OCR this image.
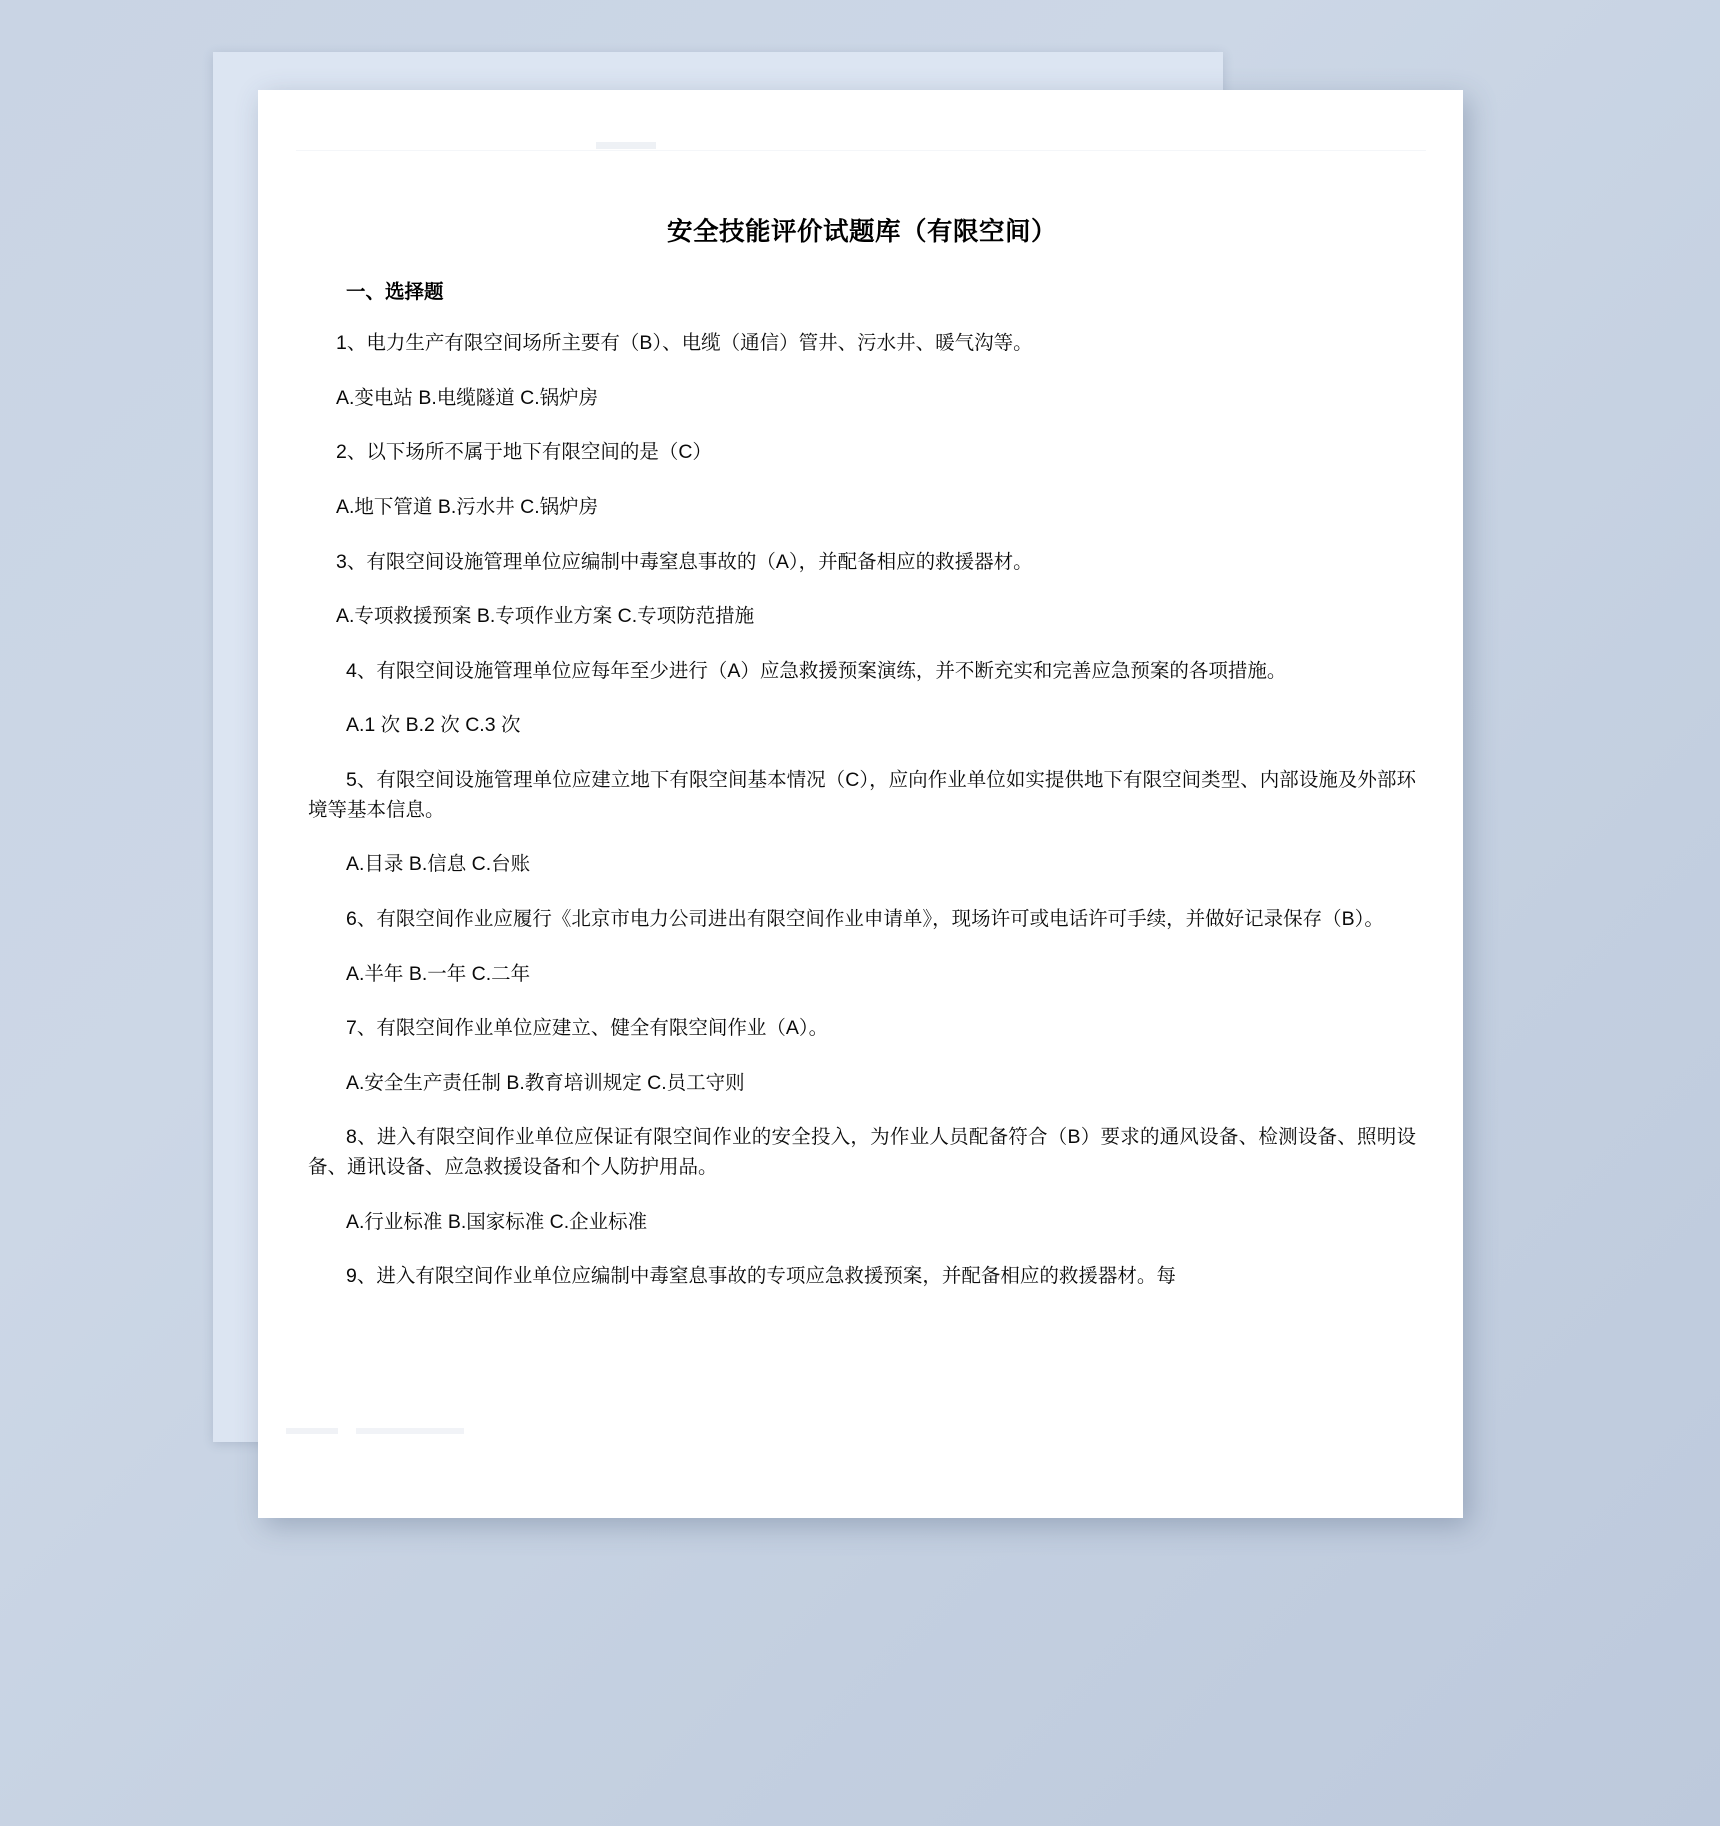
安全技能评价试题库（有限空间）
一、选择题

1、电力生产有限空间场所主要有（B）、电缆（通信）管井、污水井、暖气沟等。

A.变电站 B.电缆隧道 C.锅炉房

2、以下场所不属于地下有限空间的是（C）

A.地下管道 B.污水井 C.锅炉房

3、有限空间设施管理单位应编制中毒窒息事故的（A），并配备相应的救援器材。

A.专项救援预案 B.专项作业方案 C.专项防范措施

4、有限空间设施管理单位应每年至少进行（A）应急救援预案演练，并不断充实和完善应急预案的各项措施。

A.1 次 B.2 次 C.3 次

5、有限空间设施管理单位应建立地下有限空间基本情况（C），应向作业单位如实提供地下有限空间类型、内部设施及外部环境等基本信息。

A.目录 B.信息 C.台账

6、有限空间作业应履行《北京市电力公司进出有限空间作业申请单》，现场许可或电话许可手续，并做好记录保存（B）。

A.半年 B.一年 C.二年

7、有限空间作业单位应建立、健全有限空间作业（A）。

A.安全生产责任制 B.教育培训规定 C.员工守则

8、进入有限空间作业单位应保证有限空间作业的安全投入，为作业人员配备符合（B）要求的通风设备、检测设备、照明设备、通讯设备、应急救援设备和个人防护用品。

A.行业标准 B.国家标准 C.企业标准

9、进入有限空间作业单位应编制中毒窒息事故的专项应急救援预案，并配备相应的救援器材。每
